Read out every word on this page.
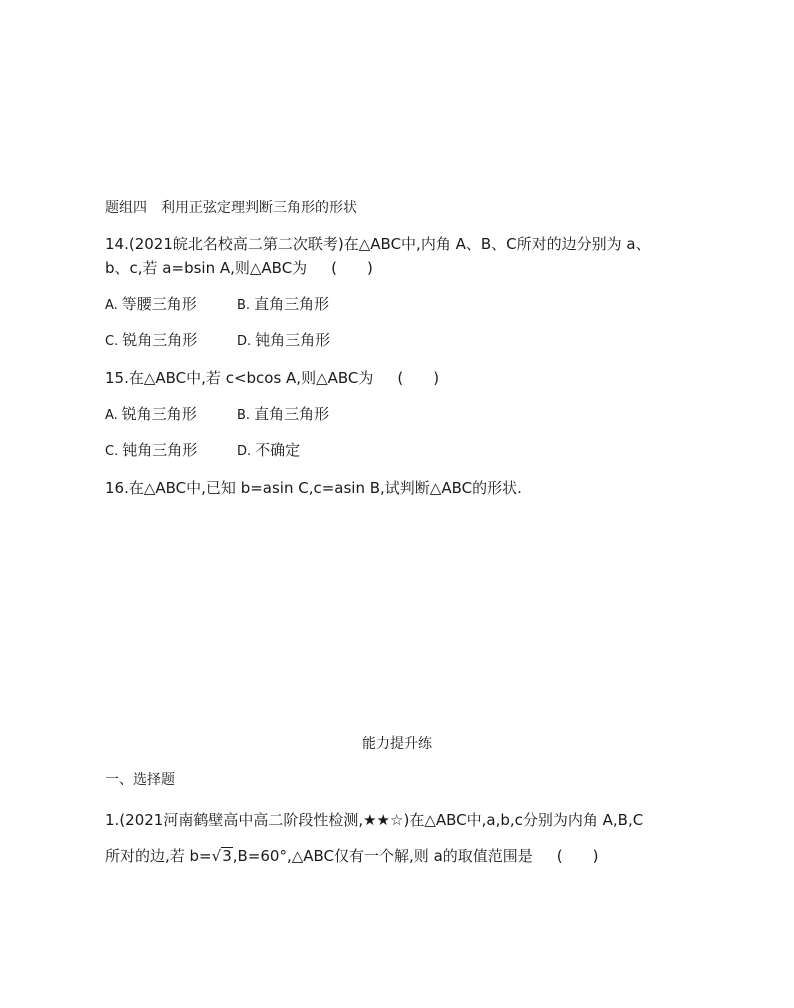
题组四　利用正弦定理判断三角形的形状
14.(2021皖北名校高二第二次联考)在△ABC中,内角 A、B、C所对的边分别为 a、
b、c,若 a=bsin A,则△ABC为 (　　)
A. 等腰三角形	B. 直角三角形
C. 锐角三角形	D. 钝角三角形
15.在△ABC中,若 c<bcos A,则△ABC为 (　　)
A. 锐角三角形	B. 直角三角形
C. 钝角三角形	D. 不确定
16.在△ABC中,已知 b=asin C,c=asin B,试判断△ABC的形状.
能力提升练
一、选择题
1.(2021河南鹤壁高中高二阶段性检测,★★☆)在△ABC中,a,b,c分别为内角 A,B,C
所对的边,若 b=√3,B=60°,△ABC仅有一个解,则 a的取值范围是 (　　)
